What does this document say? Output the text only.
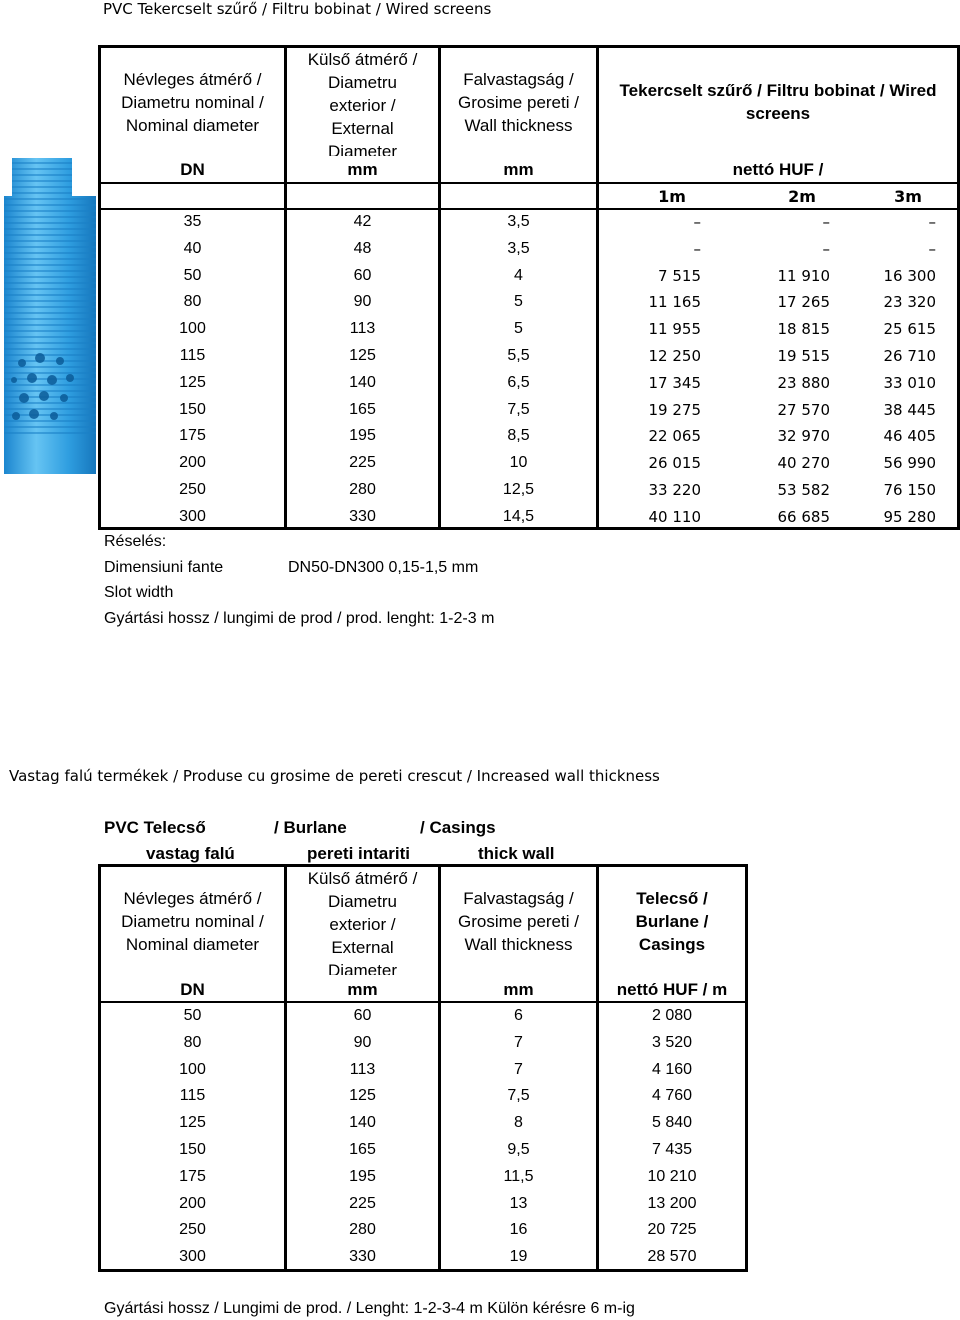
PVC Tekercselt szűrő / Filtru bobinat / Wired screens
Névleges átmérő /
Diametru nominal /
Nominal diameter
Külső átmérő /
Diametru
exterior /
External
Diameter
Falvastagság /
Grosime pereti /
Wall thickness
Tekercselt szűrő / Filtru bobinat / Wired
screens
DN	mm	mm	nettó HUF /
1m	2m	3m
35	42	3,5	–	–	–
40	48	3,5	–	–	–
50	60	4	7 515	11 910	16 300
80	90	5	11 165	17 265	23 320
100	113	5	11 955	18 815	25 615
115	125	5,5	12 250	19 515	26 710
125	140	6,5	17 345	23 880	33 010
150	165	7,5	19 275	27 570	38 445
175	195	8,5	22 065	32 970	46 405
200	225	10	26 015	40 270	56 990
250	280	12,5	33 220	53 582	76 150
300	330	14,5	40 110	66 685	95 280
Réselés:
Dimensiuni fante	DN50-DN300 0,15-1,5 mm
Slot width
Gyártási hossz / lungimi de prod / prod. lenght: 1-2-3 m
Vastag falú termékek / Produse cu grosime de pereti crescut / Increased wall thickness
PVC Telecső	/ Burlane	/ Casings
vastag falú	pereti intariti	thick wall
Névleges átmérő /
Diametru nominal /
Nominal diameter
Külső átmérő /
Diametru
exterior /
External
Diameter
Falvastagság /
Grosime pereti /
Wall thickness
Telecső /
Burlane /
Casings
DN	mm	mm	nettó HUF / m
50	60	6	2 080
80	90	7	3 520
100	113	7	4 160
115	125	7,5	4 760
125	140	8	5 840
150	165	9,5	7 435
175	195	11,5	10 210
200	225	13	13 200
250	280	16	20 725
300	330	19	28 570
Gyártási hossz / Lungimi de prod. / Lenght: 1-2-3-4 m Külön kérésre 6 m-ig
